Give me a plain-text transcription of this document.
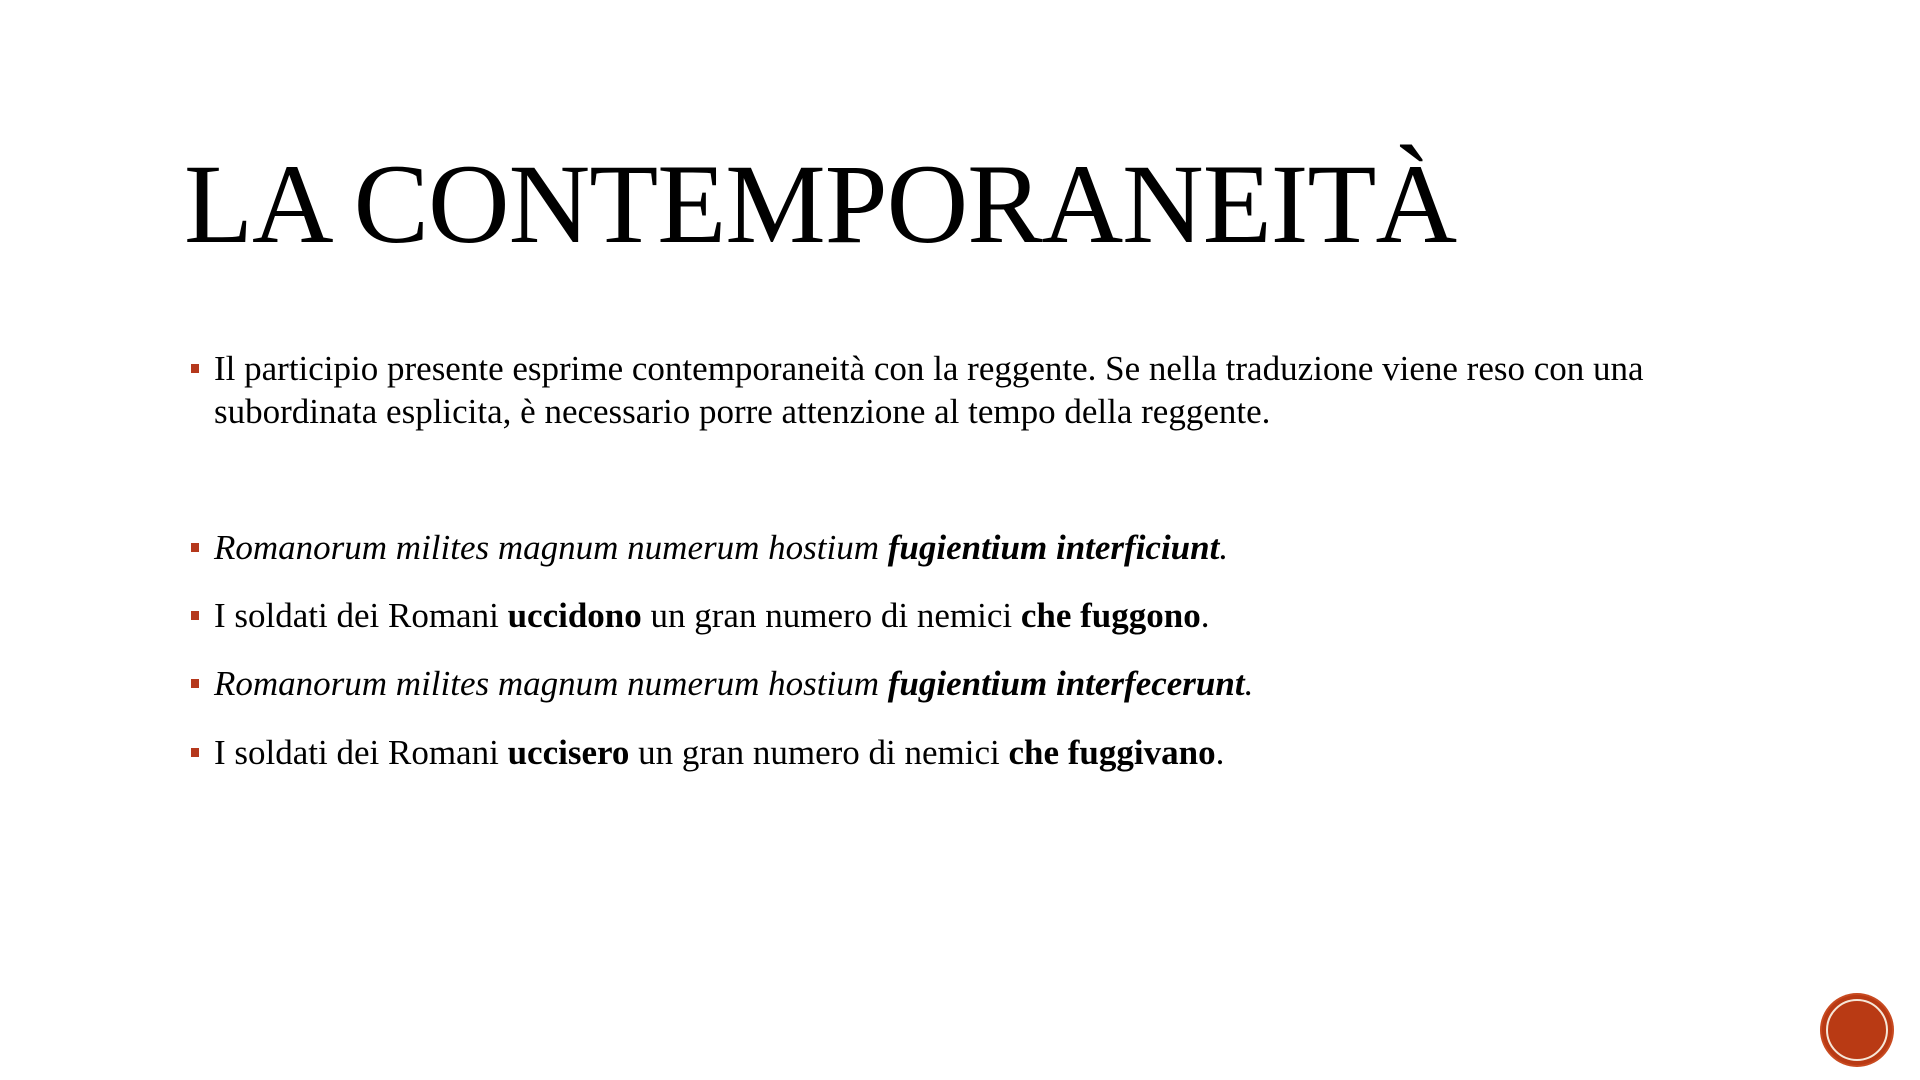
LA CONTEMPORANEITÀ
Il participio presente esprime contemporaneità con la reggente. Se nella traduzione viene reso con una subordinata esplicita, è necessario porre attenzione al tempo della reggente.
Romanorum milites magnum numerum hostium fugientium interficiunt.
I soldati dei Romani uccidono un gran numero di nemici che fuggono.
Romanorum milites magnum numerum hostium fugientium interfecerunt.
I soldati dei Romani uccisero un gran numero di nemici che fuggivano.
